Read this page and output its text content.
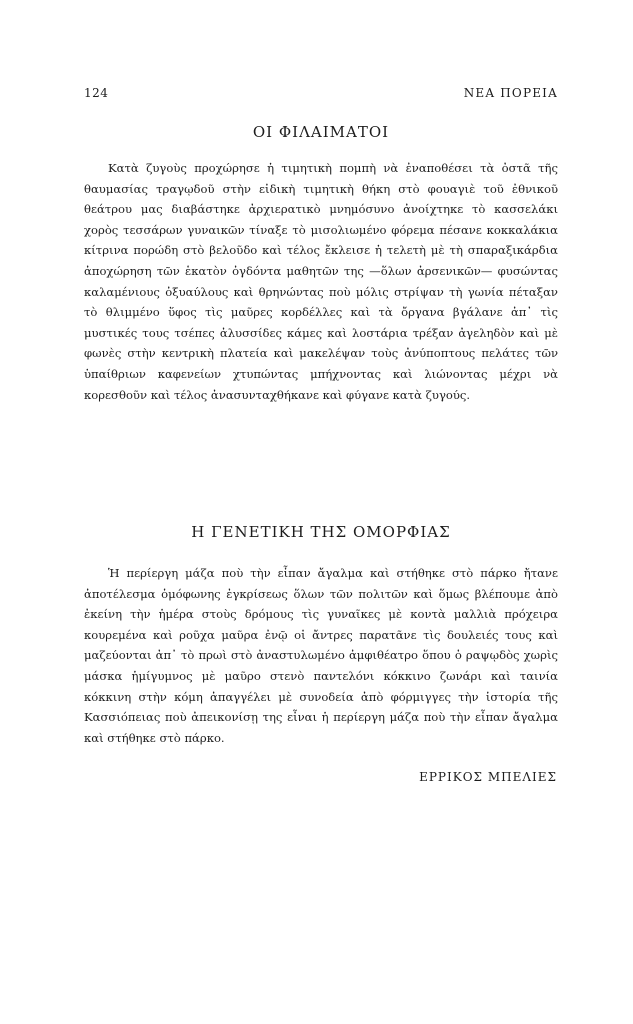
124	ΝΕΑ ΠΟΡΕΙΑ
ΟΙ ΦΙΛΑΙΜΑΤΟΙ

Κατὰ ζυγοὺς προχώρησε ἡ τιμητικὴ πομπὴ νὰ ἐναποθέσει τὰ ὀστᾶ τῆς θαυμασίας τραγῳδοῦ στὴν εἰδικὴ τιμητικὴ θήκη στὸ φουαγιὲ τοῦ ἐθνικοῦ θεάτρου μας διαβάστηκε ἀρχιερατικὸ μνημόσυνο ἀνοίχτηκε τὸ κασσελάκι χορὸς τεσσάρων γυναικῶν τίναξε τὸ μισολιωμένο φόρεμα πέσανε κοκκαλάκια κίτρινα πορώδη στὸ βελοῦδο καὶ τέλος ἔκλεισε ἡ τελετὴ μὲ τὴ σπαραξικάρδια ἀποχώρηση τῶν ἑκατὸν ὀγδόντα μαθητῶν της —ὅλων ἀρσενικῶν— φυσώντας καλαμένιους ὀξυαύλους καὶ θρηνώντας ποὺ μόλις στρίψαν τὴ γωνία πέταξαν τὸ θλιμμένο ὕφος τὶς μαῦρες κορδέλλες καὶ τὰ ὄργανα βγάλανε ἀπ᾽ τὶς μυστικές τους τσέπες ἀλυσσίδες κάμες καὶ λοστάρια τρέξαν ἀγεληδὸν καὶ μὲ φωνὲς στὴν κεντρικὴ πλατεία καὶ μακελέψαν τοὺς ἀνύποπτους πελάτες τῶν ὑπαίθριων καφενείων χτυπώντας μπήχνοντας καὶ λιώνοντας μέχρι νὰ κορεσθοῦν καὶ τέλος ἀνασυνταχθήκανε καὶ φύγανε κατὰ ζυγούς.

Η ΓΕΝΕΤΙΚΗ ΤΗΣ ΟΜΟΡΦΙΑΣ

Ἡ περίεργη μάζα ποὺ τὴν εἶπαν ἄγαλμα καὶ στήθηκε στὸ πάρκο ἤτανε ἀποτέλεσμα ὁμόφωνης ἐγκρίσεως ὅλων τῶν πολιτῶν καὶ ὅμως βλέπουμε ἀπὸ ἐκείνη τὴν ἡμέρα στοὺς δρόμους τὶς γυναῖκες μὲ κοντὰ μαλλιὰ πρόχειρα κουρεμένα καὶ ροῦχα μαῦρα ἐνῷ οἱ ἄντρες παρατᾶνε τὶς δουλειές τους καὶ μαζεύονται ἀπ᾽ τὸ πρωὶ στὸ ἀναστυλωμένο ἀμφιθέατρο ὅπου ὁ ραψῳδὸς χωρὶς μάσκα ἡμίγυμνος μὲ μαῦρο στενὸ παντελόνι κόκκινο ζωνάρι καὶ ταινία κόκκινη στὴν κόμη ἀπαγγέλει μὲ συνοδεία ἀπὸ φόρμιγγες τὴν ἱστορία τῆς Κασσιόπειας ποὺ ἀπεικονίσῃ της εἶναι ἡ περίεργη μάζα ποὺ τὴν εἶπαν ἄγαλμα καὶ στήθηκε στὸ πάρκο.

ΕΡΡΙΚΟΣ ΜΠΕΛΙΕΣ
